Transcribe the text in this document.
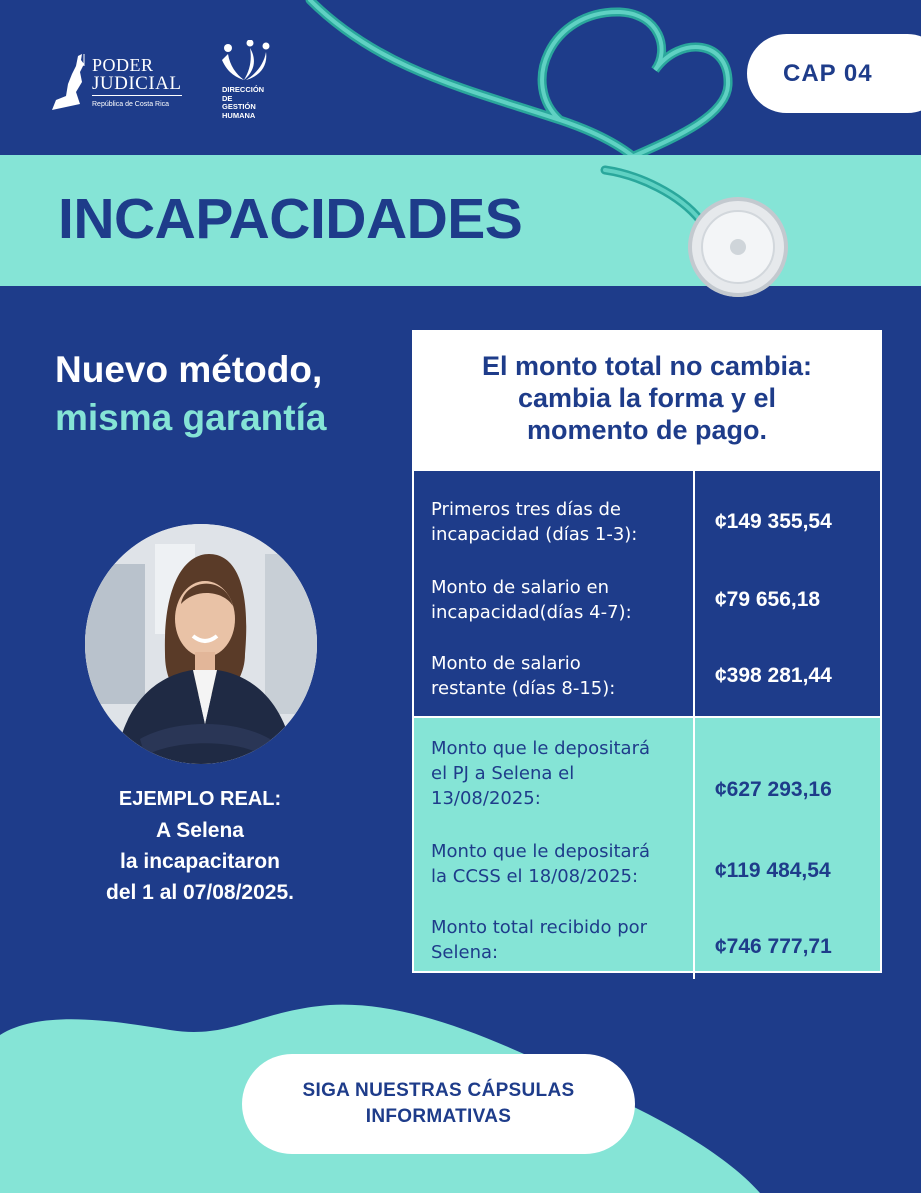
PODER
JUDICIAL
República de Costa Rica
DIRECCIÓN
DE GESTIÓN
HUMANA
CAP 04
INCAPACIDADES
Nuevo método,
misma garantía
EJEMPLO REAL:
A Selena
la incapacitaron
del 1 al 07/08/2025.
El monto total no cambia:
cambia la forma y el
momento de pago.
Primeros tres días de
incapacidad (días 1-3):
¢149 355,54
Monto de salario en
incapacidad(días 4-7):
¢79 656,18
Monto de salario
restante (días 8-15):
¢398 281,44
Monto que le depositará
el PJ a Selena el
13/08/2025:	¢627 293,16
Monto que le depositará
la CCSS el 18/08/2025:	¢119 484,54
Monto total recibido por
Selena:	¢746 777,71
SIGA NUESTRAS CÁPSULAS
INFORMATIVAS
